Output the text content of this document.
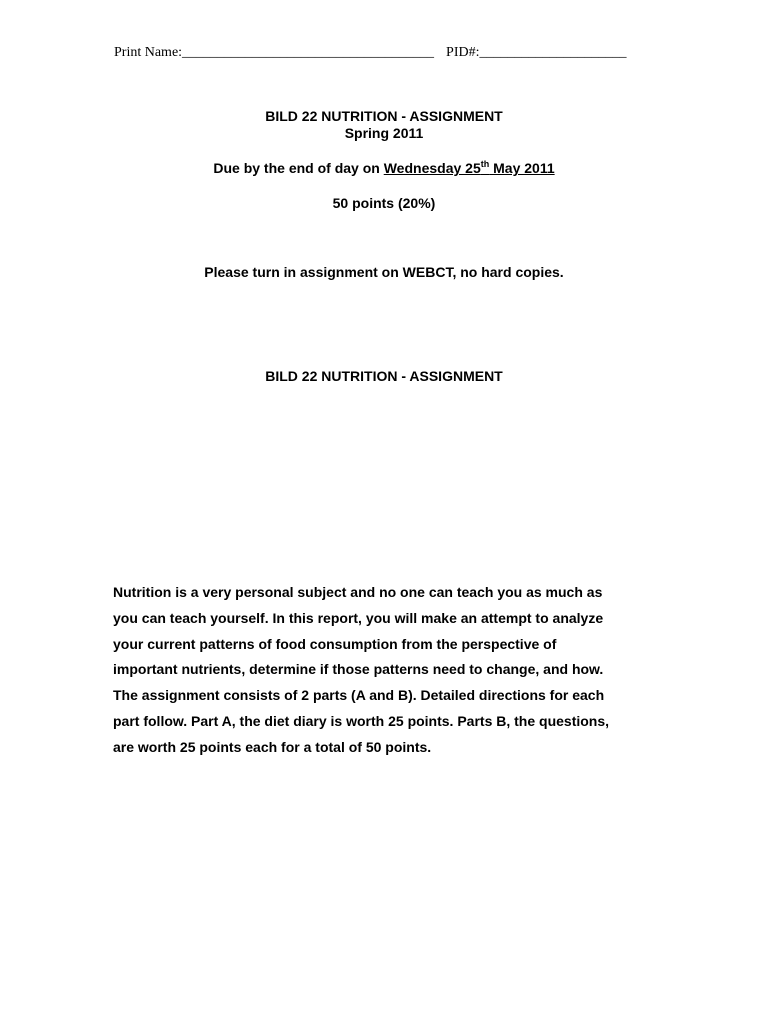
Print Name:____________________________________ PID#:_____________________
BILD 22 NUTRITION - ASSIGNMENT
Spring 2011
Due by the end of day on Wednesday 25th May 2011
50 points (20%)
Please turn in assignment on WEBCT, no hard copies.
BILD 22 NUTRITION - ASSIGNMENT
Nutrition is a very personal subject and no one can teach you as much as
you can teach yourself. In this report, you will make an attempt to analyze
your current patterns of food consumption from the perspective of
important nutrients, determine if those patterns need to change, and how.
The assignment consists of 2 parts (A and B). Detailed directions for each
part follow. Part A, the diet diary is worth 25 points. Parts B, the questions,
are worth 25 points each for a total of 50 points.
